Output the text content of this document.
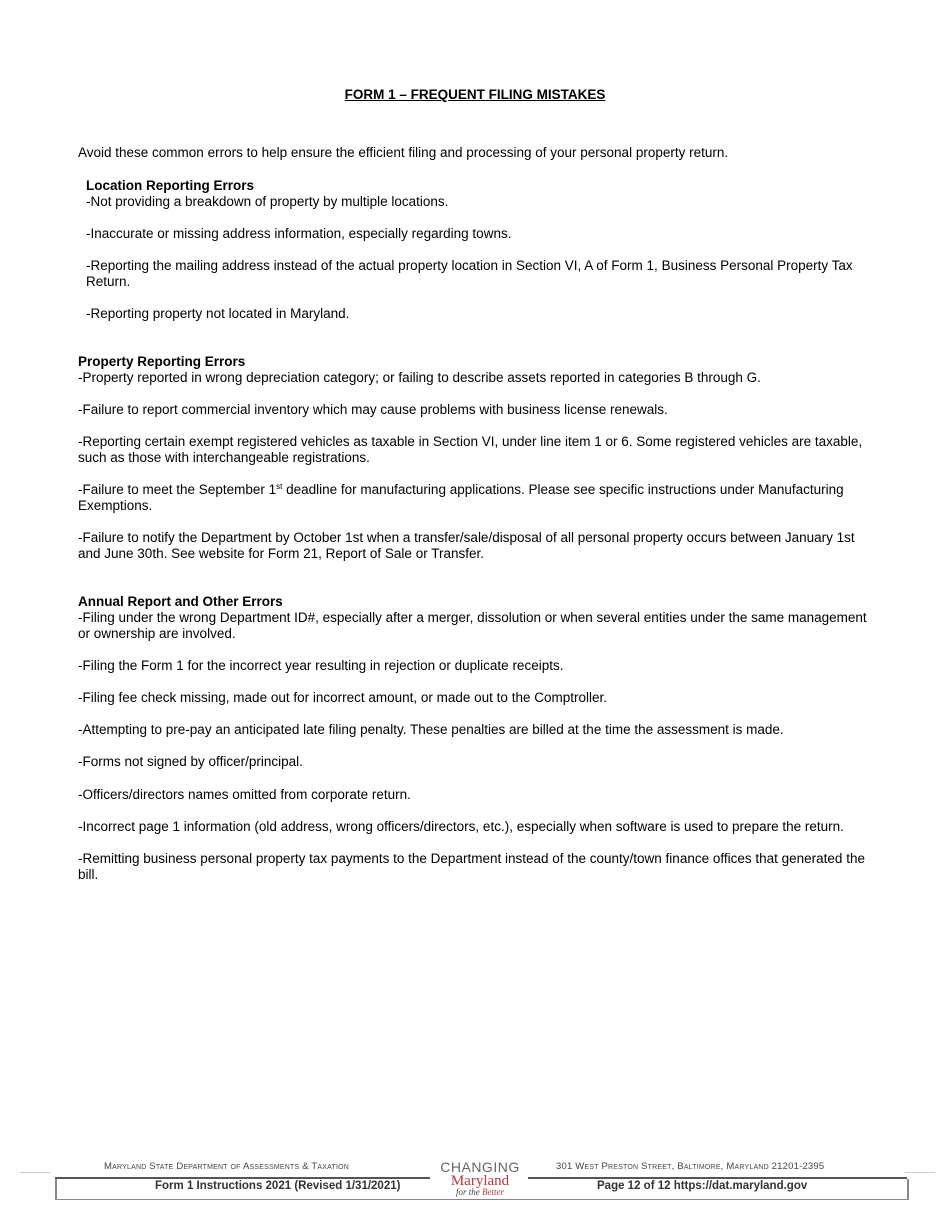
FORM 1 – FREQUENT FILING MISTAKES
Avoid these common errors to help ensure the efficient filing and processing of your personal property return.

Location Reporting Errors

-Not providing a breakdown of property by multiple locations.

-Inaccurate or missing address information, especially regarding towns.
-Reporting the mailing address instead of the actual property location in Section VI, A of Form 1, Business Personal Property Tax Return.
-Reporting property not located in Maryland.

Property Reporting Errors

-Property reported in wrong depreciation category; or failing to describe assets reported in categories B through G.

-Failure to report commercial inventory which may cause problems with business license renewals.
-Reporting certain exempt registered vehicles as taxable in Section VI, under line item 1 or 6. Some registered vehicles are taxable, such as those with interchangeable registrations.
-Failure to meet the September 1st deadline for manufacturing applications. Please see specific instructions under Manufacturing Exemptions.
-Failure to notify the Department by October 1st when a transfer/sale/disposal of all personal property occurs between January 1st and June 30th. See website for Form 21, Report of Sale or Transfer.

Annual Report and Other Errors

-Filing under the wrong Department ID#, especially after a merger, dissolution or when several entities under the same management or ownership are involved.

-Filing the Form 1 for the incorrect year resulting in rejection or duplicate receipts.
-Filing fee check missing, made out for incorrect amount, or made out to the Comptroller.
-Attempting to pre-pay an anticipated late filing penalty. These penalties are billed at the time the assessment is made.
-Forms not signed by officer/principal.
-Officers/directors names omitted from corporate return.
-Incorrect page 1 information (old address, wrong officers/directors, etc.), especially when software is used to prepare the return.
-Remitting business personal property tax payments to the Department instead of the county/town finance offices that generated the bill.
Maryland State Department of Assessments & Taxation	301 West Preston Street, Baltimore, Maryland 21201-2395
Form 1 Instructions 2021 (Revised 1/31/2021)	Page 12 of 12 https://dat.maryland.gov
CHANGING
Maryland
for the Better
